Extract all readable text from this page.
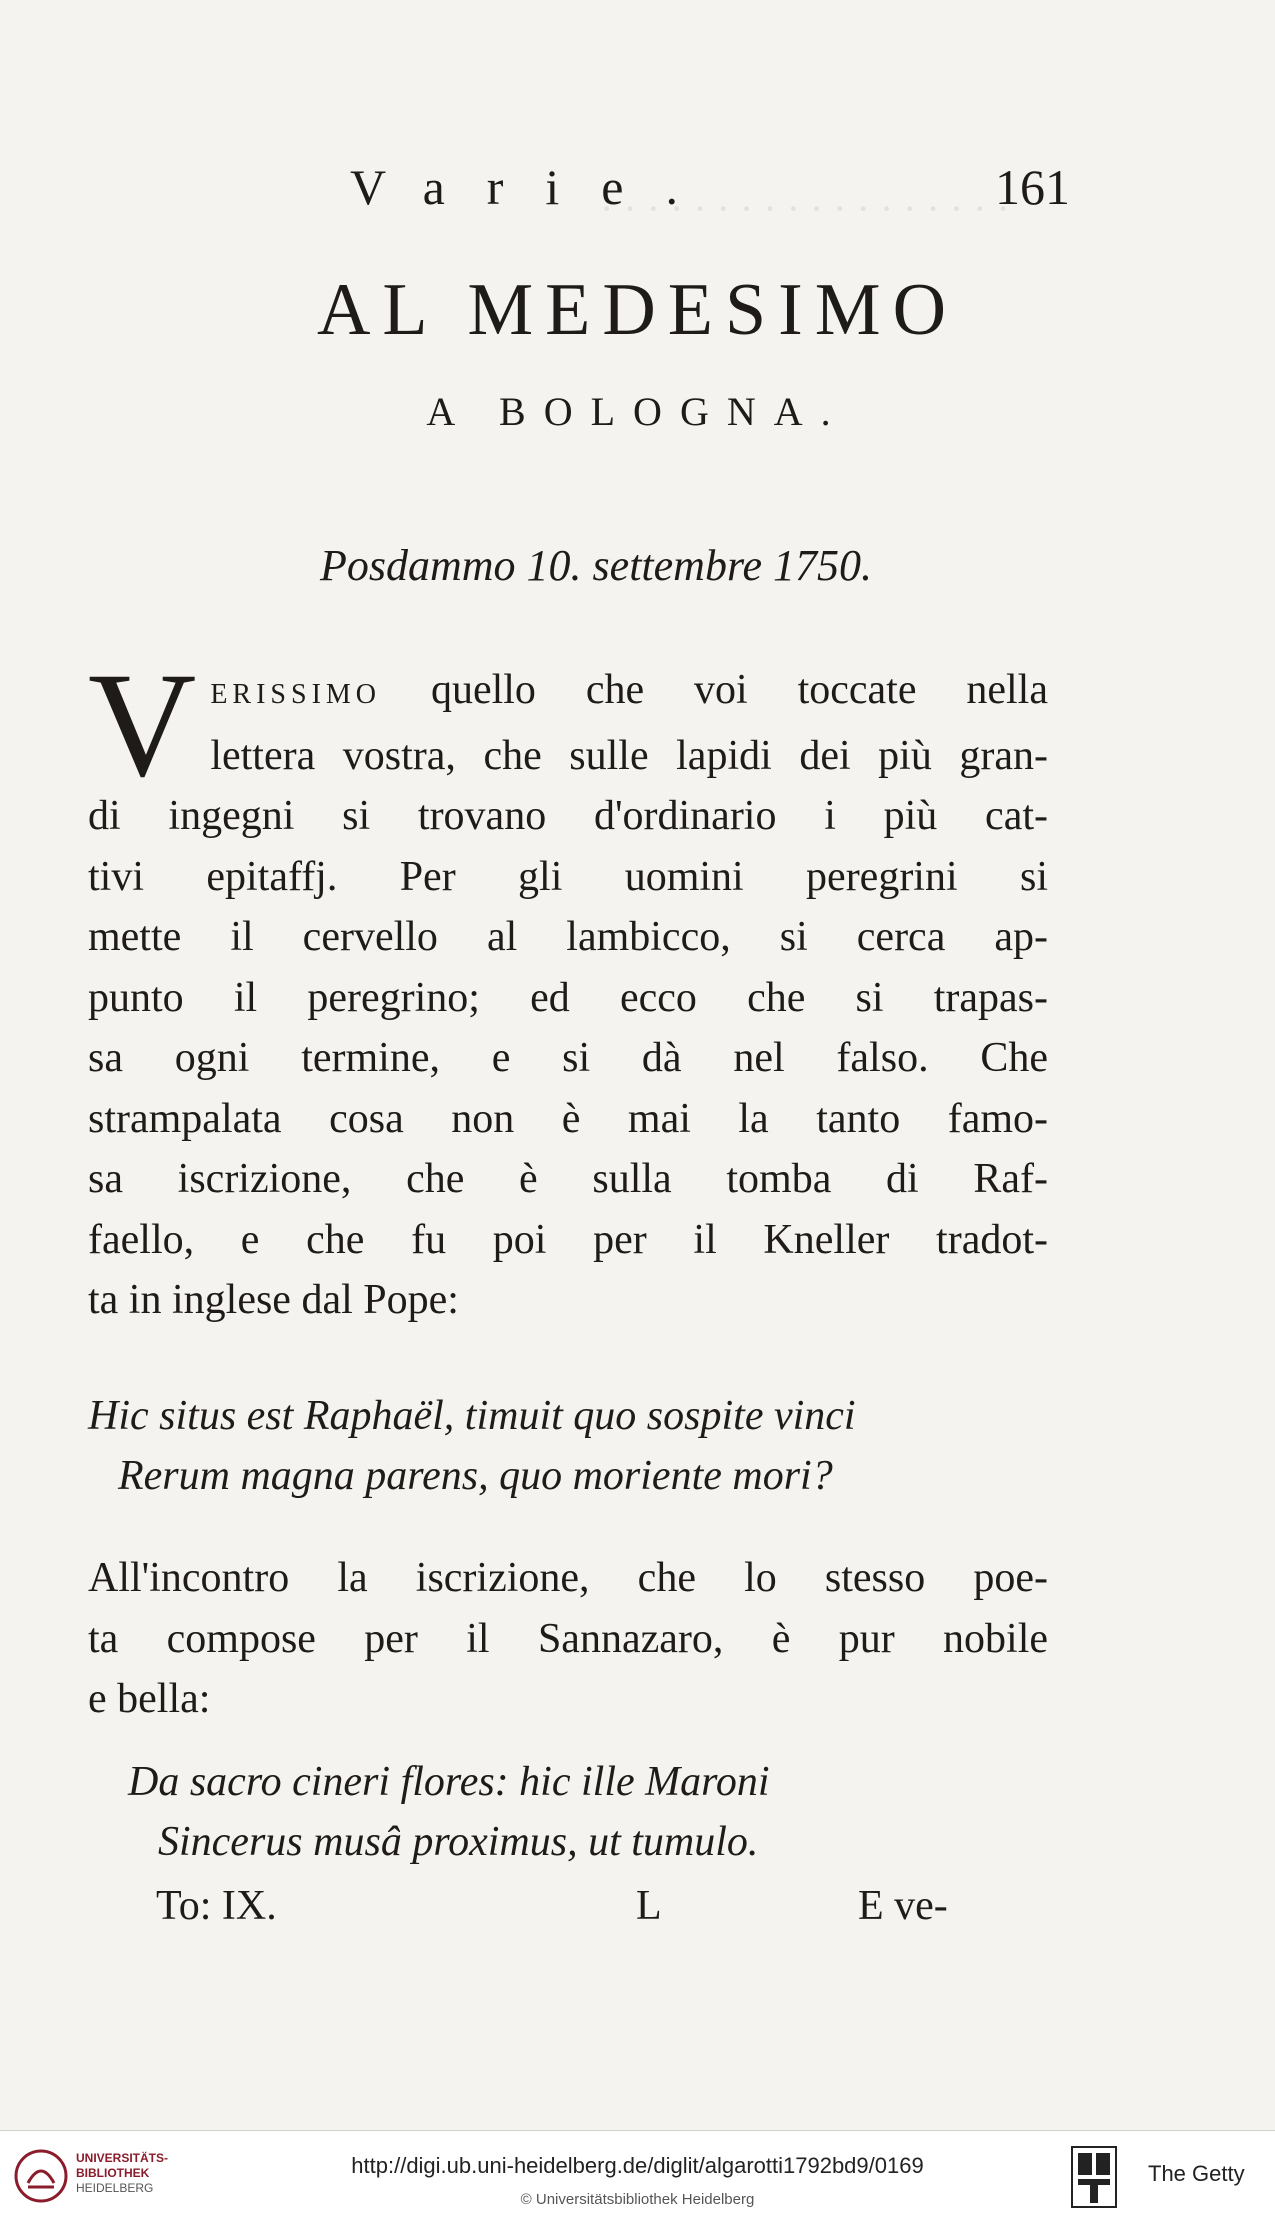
· · · · · · · · · · · · · · · · · ·
Varie.	161
AL MEDESIMO
A BOLOGNA.
Posdammo 10. settembre 1750.
V ERISSIMO quello che voi toccate nella
lettera vostra, che sulle lapidi dei più gran-
di ingegni si trovano d'ordinario i più cat-
tivi epitaffj. Per gli uomini peregrini si
mette il cervello al lambicco, si cerca ap-
punto il peregrino; ed ecco che si trapas-
sa ogni termine, e si dà nel falso. Che
strampalata cosa non è mai la tanto famo-
sa iscrizione, che è sulla tomba di Raf-
faello, e che fu poi per il Kneller tradot-
ta in inglese dal Pope:
Hic situs est Raphaël, timuit quo sospite vinci
Rerum magna parens, quo moriente mori?
All'incontro la iscrizione, che lo stesso poe-
ta compose per il Sannazaro, è pur nobile
e bella:
Da sacro cineri flores: hic ille Maroni
Sincerus musâ proximus, ut tumulo.
To: IX.	L	E ve-
UNIVERSITÄTS-
BIBLIOTHEK
HEIDELBERG
http://digi.ub.uni-heidelberg.de/diglit/algarotti1792bd9/0169
© Universitätsbibliothek Heidelberg
The Getty
